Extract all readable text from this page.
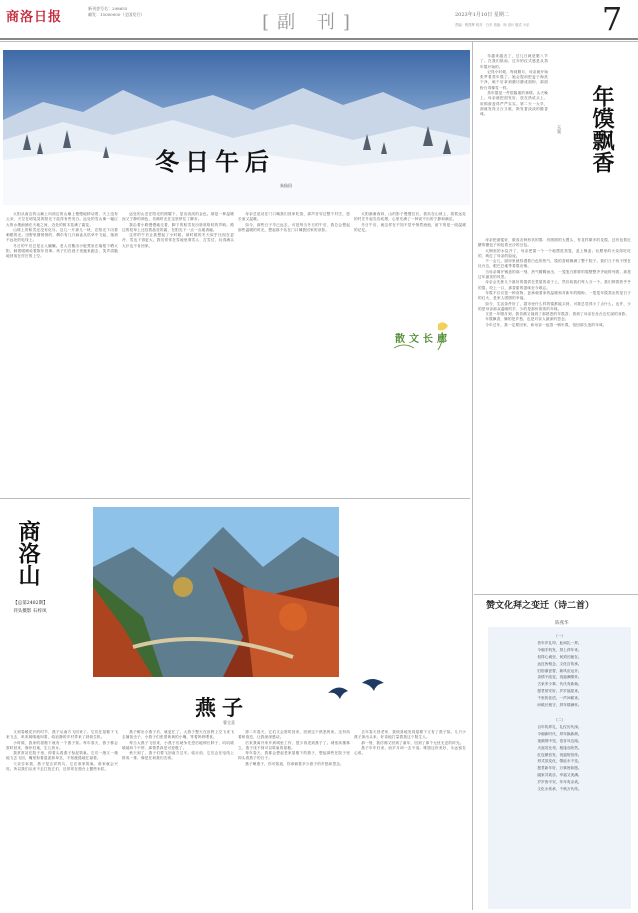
商洛日报
新刊登号名：298655
邮发：15000000（全国发行）	[副 刊]	2023年1月10日 星期二
责编：程昌辉 校对：白冬 美编：杨 设计 版式 小乐	7
冬日午后
朱仙田

太阳从南边的山巅上向西边的山巅上慢慢地移动着，天上没有云朵，天空在明晃晃的阳光下蓝得有些发白。远处的雪山像一幅巨大的水墨画铺在天地之间，近处的树木挂满了霜花。

山坡上的积雪还没有化尽，这儿一片那儿一块，在阳光下闪着刺眼的光。田野里静悄悄的，偶尔有几只麻雀从枯草中飞起，落到不远处的电线上。

冬日的午后总是让人慵懒。老人们搬出小板凳坐在墙根下晒太阳，眯着眼睛说着陈年旧事。孩子们在巷子里跑来跑去，笑声清脆地回荡在村庄的上空。

远处的山峦在阳光的照耀下，显出淡淡的金色。那是一种温暖而又宁静的颜色，仿佛时光在这里停住了脚步。

我沿着小路慢慢地走着，脚下的积雪发出咯吱咯吱的声响。路边的枯草上还挂着晶莹的霜，在阳光下一点一点地消融。

这样的午后让我想起了小时候。那时候的冬天似乎比现在更冷，雪也下得更大。我们常常在雪地里堆雪人、打雪仗，玩得满头大汗也不肯回家。

母亲总是站在门口喊我们回家吃饭，那声音穿过整个村庄，悠长而又温暖。

如今，那些日子早已远去，可是每当冬日的午后，我总会想起那些温暖的时光，想起那个站在门口喊我回家的身影。

太阳渐渐西斜，山的影子慢慢拉长。我站在山坡上，看着远处的村庄升起袅袅炊烟，心里充满了一种说不出的宁静和满足。

冬日午后，就这样在不知不觉中悄然流逝，留下的是一段温暖的记忆。

散文长廊
商洛山
【总第2402期】
刊头摄影 石梓凤
年馍飘香
玉米

年越来越近了，过几日就是腊八节了。在我们陕南，过年的仪式感是从蒸年馍开始的。

记得小时候，每到腊月，母亲就开始张罗着蒸年馍了。她会提前把麦子淘洗干净，晾干后拿到磨坊磨成面粉，那面粉白得像雪一样。

蒸年馍是一件很隆重的事情。头天晚上，母亲就把面发好，放在热炕头上，用棉被盖得严严实实。第二天一大早，面就发得又白又暄，散发着淡淡的酸香味。

母亲把面揉好，做成各种形状的馍：有圆圆的大馒头，有花样繁多的花馍，还有包着红糖的糖包子和包着豆沙的豆包。

大锅里的水烧开了，母亲把馍一个一个地摆进蒸笼，盖上锅盖。灶膛里的火烧得旺旺的，映红了母亲的脸庞。

不一会儿，厨房里就弥漫着白色的热气，馍的香味飘满了整个院子。我们几个孩子围在灶台边，眼巴巴地等着馍出锅。

当母亲揭开锅盖的那一刻，热气腾腾而出，一笼笼白胖胖的馍整整齐齐地排列着，那是过年最美的风景。

母亲会先拣几个最好的馍供在堂屋的桌子上，然后给我们每人分一个。我们捧着热乎乎的馍，咬上一口，那香甜的滋味至今难忘。

年馍不仅仅是一种食物，更承载着家的温暖和对新年的期盼。一笼笼年馍蒸出的是日子的红火，是家人团圆的幸福。

如今，生活条件好了，超市里什么样的馍都能买到，可我总觉得少了点什么。也许，少的是母亲那双温暖的手，少的是那份浓浓的年味。

又是一年腊月到，我仿佛又闻到了那熟悉的年馍香，看到了母亲在灶台边忙碌的身影。

年馍飘香，飘的是乡愁，也是对亲人最深的思念。

今年过年，我一定要回家，和母亲一起蒸一锅年馍，找回那久违的年味。

燕子
曹全喜

又到春暖花开的时节，燕子从南方飞回来了。它们在屋檐下飞来飞去，叽叽喳喳地叫着，给寂静的乡村带来了勃勃生机。

小时候，我家的屋檐下就有一个燕子窝。每年春天，燕子都会准时回来，修补旧巢，生儿育女。

我常常站在院子里，仰着头看燕子衔泥筑巢。它们一趟又一趟地飞去飞回，嘴里衔着湿泥和草茎，不知疲倦地忙碌着。

父亲告诉我，燕子是吉祥的鸟，它在谁家筑巢，谁家就会兴旺。所以我们从来不去打扰它们，还常常在窗台上撒些米粒。

燕子孵出小燕子后，就更忙了。大燕子整天在田野上空飞来飞去捕捉虫子，小燕子们张着黄黄的小嘴，等着妈妈喂食。

每当大燕子飞回来，小燕子们就争先恐后地伸长脖子，叽叽喳喳地叫个不停，那情景真是可爱极了。

秋天到了，燕子们要飞回南方过冬。临行前，它们会在电线上排成一排，像是在和我们告别。

第二年春天，它们又会准时回来，回到这个熟悉的家。这份执着和眷恋，让我深深感动。

后来我离开家乡到城里工作，很少再见到燕子了。城里高楼林立，燕子找不到可以筑巢的屋檐。

每年春天，我都会想起老家屋檐下的燕子，想起那些在院子里仰头看燕子的日子。

燕子啊燕子，你可知道，你承载着多少游子的乡愁和思念。

去年春天回老家，我惊喜地发现屋檐下又有了燕子窝。几只小燕子探出头来，好奇地打量着我这个陌生人。

那一刻，我仿佛又回到了童年，回到了那个无忧无虑的时光。

燕子年年归来，而岁月却一去不返。唯愿这份美好，永远留在心底。

赞文化拜之变迁（诗二首）
陈燕华
（一）
昔年乡礼叩，此间礼一拜。
今朝手机发，屏上拜年来。
但得心诚至，何须长跪在。
远近皆相念，文化自传承。
旧俗渐更替，新风应运开。
亲情不改变，祝福满情怀。
古来多少事，代代有新裁。
愿君常安好，岁岁福星来。
千里传佳语，一声问候来。
问候长相守，拜年情满怀。
（二）
百年传拜礼，礼仪历代深。
今朝新时代，拜年换新颜。
视频屏中见，语音耳边闻。
天涯若比邻，相逢亦欣然。
红包微信发，祝福短信传。
形式虽变化，情谊永不变。
愿君新年好，万事皆如愿。
阖家共欢乐，幸福又美满。
岁岁皆平安，年年有余欢。
文化永传承，千秋万代传。
